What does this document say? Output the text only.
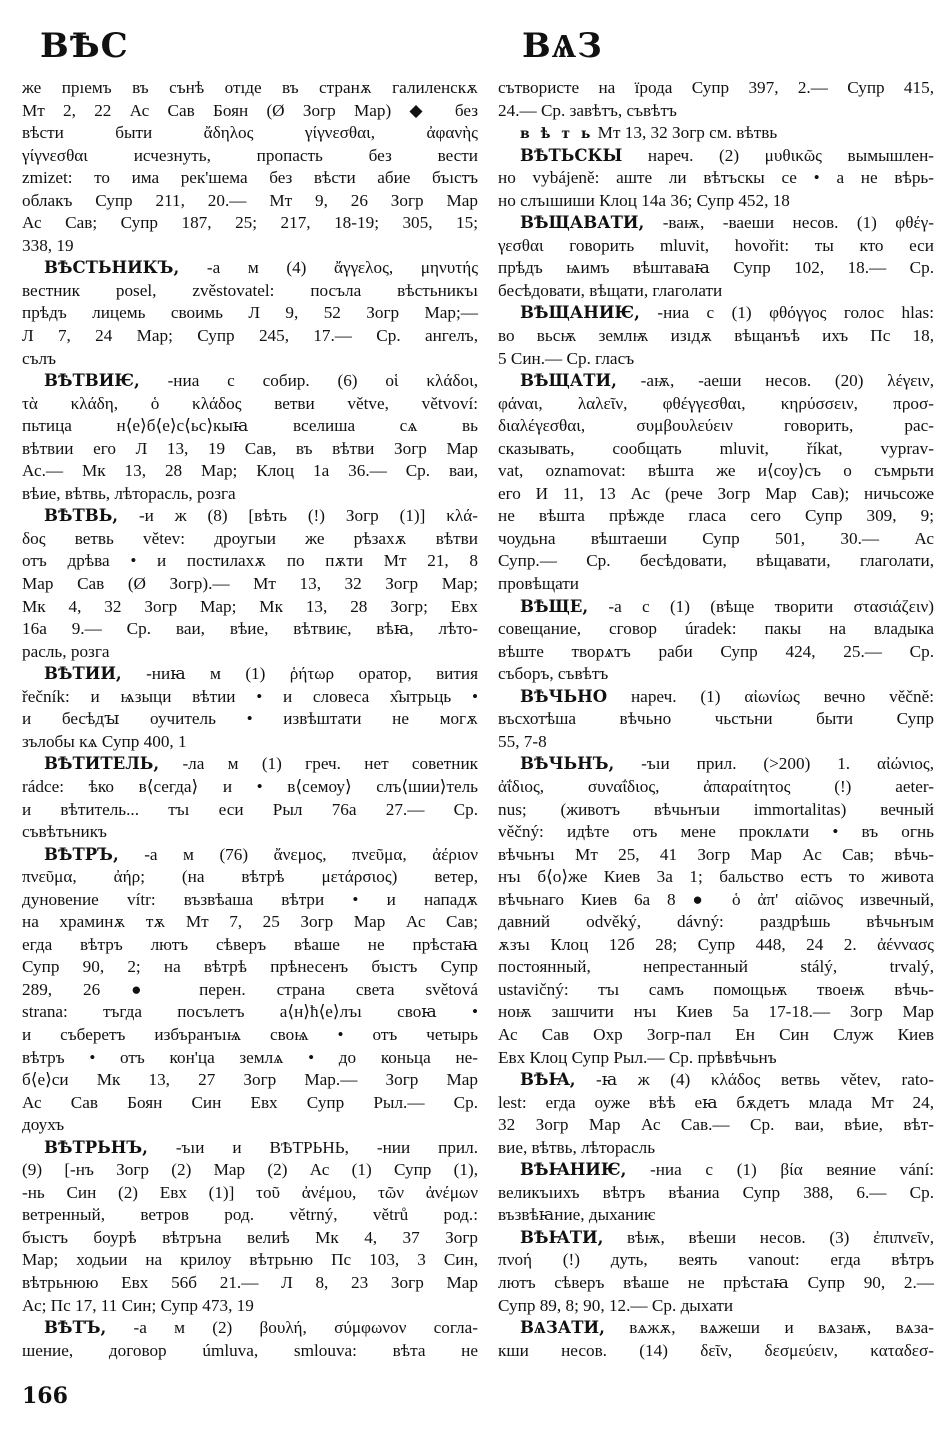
ВѢС	ВѦЗ
же прıемъ въ сънѣ отıде въ странѫ галиленскѫ
Мт 2, 22 Ас Сав Боян (Ø Зогр Мар) ◆ без
вѣсти быти ἄδηλος γίγνεσθαι, ἀφανὴς
γίγνεσθαι исчезнуть, пропасть без вести
zmizet: то има рек'шема без вѣсти абие бъıстъ
облакъ Супр 211, 20.— Мт 9, 26 Зогр Мар
Ас Сав; Супр 187, 25; 217, 18-19; 305, 15;
338, 19
ВѢСТЬНИКЪ, -а м (4) ἄγγελος, μηνυτής
вестник posel, zvěstovatel: посъла вѣстьникъı
прѣдъ лицемь своимь Л 9, 52 Зогр Мар;—
Л 7, 24 Мар; Супр 245, 17.— Ср. ангелъ,
сълъ
ВѢТВИѤ, -ниа с собир. (6) οἱ κλάδοι,
τὰ κλάδη, ὁ κλάδος ветви větve, větvoví:
пьтица н⟨е⟩б⟨е⟩с⟨ьс⟩кыꙗ вселиша сѧ вь
вѣтвии его Л 13, 19 Сав, въ вѣтви Зогр Мар
Ас.— Мк 13, 28 Мар; Клоц 1а 36.— Ср. ваи,
вѣие, вѣтвь, лѣторасль, розга
ВѢТВЬ, -и ж (8) [вѣть (!) Зогр (1)] κλά-
δος ветвь větev: дроугыи же рѣзахѫ вѣтви
отъ дрѣва • и постилахѫ по пѫти Мт 21, 8
Мар Сав (Ø Зогр).— Мт 13, 32 Зогр Мар;
Мк 4, 32 Зогр Мар; Мк 13, 28 Зогр; Евх
16а 9.— Ср. ваи, вѣие, вѣтвиѥ, вѣꙗ, лѣто-
расль, розга
ВѢТИИ, -ниꙗ м (1) ῥήτωρ оратор, вития
řečník: и ѩзыци вѣтии • и словеса х̑ытрьць •
и бесѣдꙑ оучитель • извѣштати не могѫ
зълобы кѧ Супр 400, 1
ВѢТИТЕЛЬ, -ла м (1) греч. нет советник
rádce: ѣко в⟨сегда⟩ и • в⟨семоу⟩ слъ⟨шии⟩тель
и вѣтитель... тъı еси Рыл 76а 27.— Ср.
съвѣтьникъ
ВѢТРЪ, -а м (76) ἄνεμος, πνεῦμα, ἀέριον
πνεῦμα, ἀήρ; (на вѣтрѣ μετάρσιος) ветер,
дуновение vítr: възвѣаша вѣтри • и нападѫ
на храминѫ тѫ Мт 7, 25 Зогр Мар Ас Сав;
егда вѣтръ лютъ сѣверъ вѣаше не прѣстаꙗ
Супр 90, 2; на вѣтрѣ прѣнесенъ бъıстъ Супр
289, 26 ● перен. страна света světová
strana: тъгда посълетъ а⟨н⟩ħ⟨е⟩лъı своꙗ •
и съберетъ избъранъıѩ своѩ • отъ четырь
вѣтръ • отъ кон'ца землѧ • до коньца не-
б⟨е⟩си Мк 13, 27 Зогр Мар.— Зогр Мар
Ас Сав Боян Син Евх Супр Рыл.— Ср.
доухъ
ВѢТРЬНЪ, -ъıи и ВѢТРЬНЬ, -нии прил.
(9) [-нъ Зогр (2) Мар (2) Ас (1) Супр (1),
-нь Син (2) Евх (1)] τοῦ ἀνέμου, τῶν ἀνέμων
ветренный, ветров род. větrný, větrů род.:
бъıстъ боурѣ вѣтръна велиѣ Мк 4, 37 Зогр
Мар; ходьии на крилоу вѣтрьню Пс 103, 3 Син,
вѣтрьнюю Евх 56б 21.— Л 8, 23 Зогр Мар
Ас; Пс 17, 11 Син; Супр 473, 19
ВѢТЪ, -а м (2) βουλή, σύμφωνον согла-
шение, договор úmluva, smlouva: вѣта не
сътвористе на ïрода Супр 397, 2.— Супр 415,
24.— Ср. завѣтъ, съвѣтъ
в ѣ т ь Мт 13, 32 Зогр см. вѣтвь
ВѢТЬСКЫ нареч. (2) μυθικῶς вымышлен-
но vybájeně: аште ли вѣтъскы се • а не вѣрь-
но слъıшиши Клоц 14а 36; Супр 452, 18
ВѢЩАВАТИ, -ваѭ, -ваеши несов. (1) φθέγ-
γεσθαι говорить mluvit, hovořit: ты кто еси
прѣдъ ѩимъ вѣштаваꙗ Супр 102, 18.— Ср.
бесѣдовати, вѣщати, глаголати
ВѢЩАНИѤ, -ниа с (1) φθόγγος голос hlas:
во вьсѭ землѭ изıдѫ вѣщанъѣ ихъ Пс 18,
5 Син.— Ср. гласъ
ВѢЩАТИ, -аѭ, -аеши несов. (20) λέγειν,
φάναι, λαλεῖν, φθέγγεσθαι, κηρύσσειν, προσ-
διαλέγεσθαι, συμβουλεύειν говорить, рас-
сказывать, сообщать mluvit, říkat, vyprav-
vat, oznamovat: вѣшта же и⟨соу⟩съ о съмрьти
его И 11, 13 Ас (рече Зогр Мар Сав); ничьсоже
не вѣшта прѣжде гласа сего Супр 309, 9;
чоудьна вѣштаеши Супр 501, 30.— Ас
Супр.— Ср. бесѣдовати, вѣщавати, глаголати,
провѣщати
ВѢЩЕ, -а с (1) (вѣще творити στασιάζειν)
совещание, сговор úradek: пакы на владыка
вѣште творѧтъ раби Супр 424, 25.— Ср.
съборъ, съвѣтъ
ВѢЧЬНО нареч. (1) αἰωνίως вечно věčně:
въсхотѣша вѣчьно чьстьни быти Супр
55, 7-8
ВѢЧЬНЪ, -ъıи прил. (>200) 1. αἰώνιος,
ἀΐδιος, συναΐδιος, ἀπαραίτητος (!) aeter-
nus; (животъ вѣчьнъıи immortalitas) вечный
věčný: идѣте отъ мене проклѧти • въ огнь
вѣчьнъı Мт 25, 41 Зогр Мар Ас Сав; вѣчь-
нъı б⟨о⟩же Киев 3а 1; бальство естъ то живота
вѣчьнаго Киев 6а 8 ● ὁ ἀπ' αἰῶνος извечный,
давний odvěký, dávný: раздрѣшь вѣчьнъıм
ѫзъı Клоц 12б 28; Супр 448, 24 2. ἀέννασς
постоянный, непрестанный stálý, trvalý,
ustavičný: тъı самъ помощьѭ твоеѭ вѣчь-
ноѭ зашчити нъı Киев 5а 17-18.— Зогр Мар
Ас Сав Охр Зогр-пал Ен Син Служ Киев
Евх Клоц Супр Рыл.— Ср. прѣвѣчьнъ
ВѢꙖ, -ꙗ ж (4) κλάδος ветвь větev, rato-
lest: егда оуже вѣѣ еꙗ бѫдетъ млада Мт 24,
32 Зогр Мар Ас Сав.— Ср. ваи, вѣие, вѣт-
вие, вѣтвь, лѣторасль
ВѢꙖНИѤ, -ниа с (1) βία веяние vání:
великъıихъ вѣтръ вѣаниа Супр 388, 6.— Ср.
възвѣꙗние, дыханиѥ
ВѢꙖТИ, вѣѭ, вѣеши несов. (3) ἐπιπνεῖν,
πνοή (!) дуть, веять vanout: егда вѣтръ
лютъ сѣверъ вѣаше не прѣстаꙗ Супр 90, 2.—
Супр 89, 8; 90, 12.— Ср. дыхати
ВѦЗАТИ, вѧжѫ, вѧжеши и вѧзаѭ, вѧза-
кши несов. (14) δεῖν, δεσμεύειν, καταδεσ-
166
